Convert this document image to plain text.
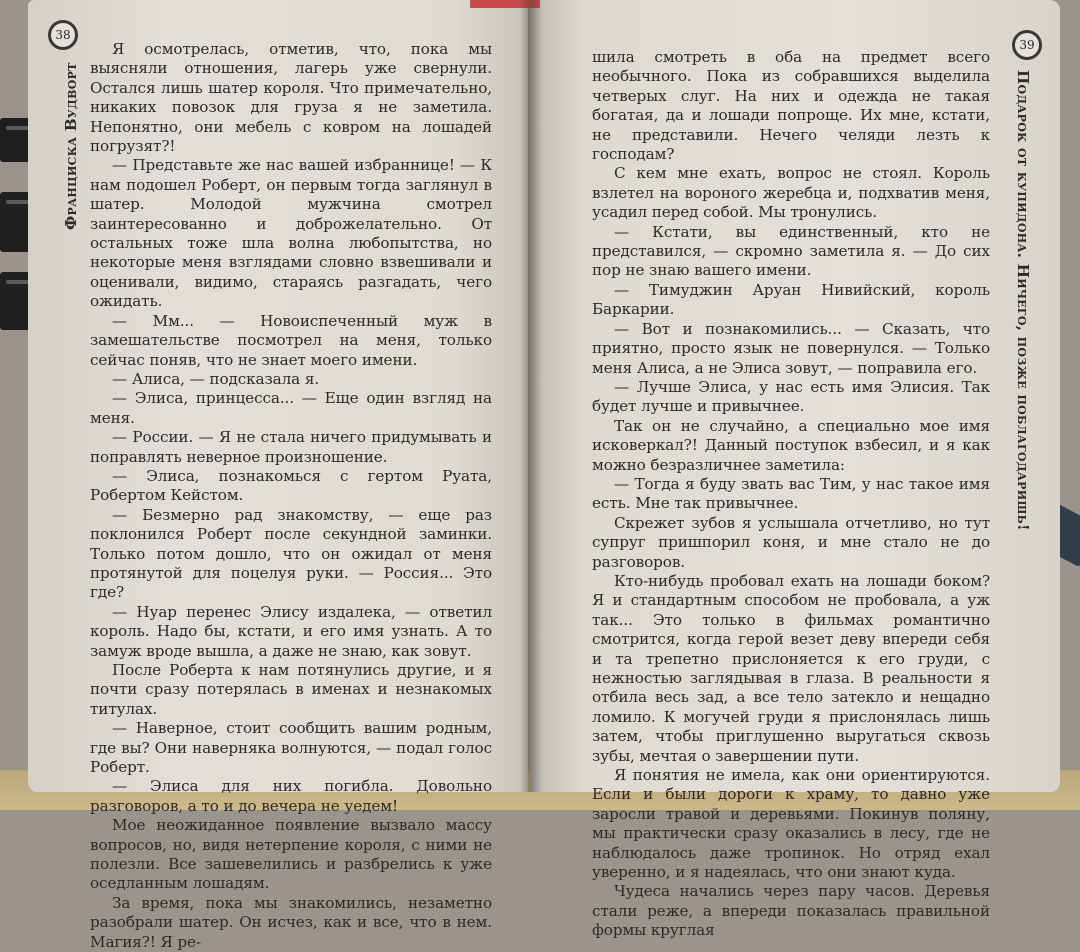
38
Франциска Вудворт

Я осмотрелась, отметив, что, пока мы выясняли отношения, лагерь уже свернули. Остался лишь шатер короля. Что примечательно, никаких повозок для груза я не заметила. Непонятно, они мебель с ковром на лошадей погрузят?!

— Представьте же нас вашей избраннице! — К нам подошел Роберт, он первым тогда заглянул в шатер. Молодой мужчина смотрел заинтересованно и доброжелательно. От остальных тоже шла волна любопытства, но некоторые меня взглядами словно взвешивали и оценивали, видимо, стараясь разгадать, чего ожидать.

— Мм... — Новоиспеченный муж в замешательстве посмотрел на меня, только сейчас поняв, что не знает моего имени.

— Алиса, — подсказала я.

— Элиса, принцесса... — Еще один взгляд на меня.

— России. — Я не стала ничего придумывать и поправлять неверное произношение.

— Элиса, познакомься с гертом Руата, Робертом Кейстом.

— Безмерно рад знакомству, — еще раз поклонился Роберт после секундной заминки. Только потом дошло, что он ожидал от меня протянутой для поцелуя руки. — Россия... Это где?

— Нуар перенес Элису издалека, — ответил король. Надо бы, кстати, и его имя узнать. А то замуж вроде вышла, а даже не знаю, как зовут.

После Роберта к нам потянулись другие, и я почти сразу потерялась в именах и незнакомых титулах.

— Наверное, стоит сообщить вашим родным, где вы? Они наверняка волнуются, — подал голос Роберт.

— Элиса для них погибла. Довольно разговоров, а то и до вечера не уедем!

Мое неожиданное появление вызвало массу вопросов, но, видя нетерпение короля, с ними не полезли. Все зашевелились и разбрелись к уже оседланным лошадям.

За время, пока мы знакомились, незаметно разобрали шатер. Он исчез, как и все, что в нем. Магия?! Я ре-

39
Подарок от купидона. Ничего, позже поблагодаришь!

шила смотреть в оба на предмет всего необычного. Пока из собравшихся выделила четверых слуг. На них и одежда не такая богатая, да и лошади попроще. Их мне, кстати, не представили. Нечего челяди лезть к господам?

С кем мне ехать, вопрос не стоял. Король взлетел на вороного жеребца и, подхватив меня, усадил перед собой. Мы тронулись.

— Кстати, вы единственный, кто не представился, — скромно заметила я. — До сих пор не знаю вашего имени.

— Тимуджин Аруан Нивийский, король Баркарии.

— Вот и познакомились... — Сказать, что приятно, просто язык не повернулся. — Только меня Алиса, а не Элиса зовут, — поправила его.

— Лучше Элиса, у нас есть имя Элисия. Так будет лучше и привычнее.

Так он не случайно, а специально мое имя исковеркал?! Данный поступок взбесил, и я как можно безразличнее заметила:

— Тогда я буду звать вас Тим, у нас такое имя есть. Мне так привычнее.

Скрежет зубов я услышала отчетливо, но тут супруг пришпорил коня, и мне стало не до разговоров.

Кто-нибудь пробовал ехать на лошади боком? Я и стандартным способом не пробовала, а уж так... Это только в фильмах романтично смотрится, когда герой везет деву впереди себя и та трепетно прислоняется к его груди, с нежностью заглядывая в глаза. В реальности я отбила весь зад, а все тело затекло и нещадно ломило. К могучей груди я прислонялась лишь затем, чтобы приглушенно выругаться сквозь зубы, мечтая о завершении пути.

Я понятия не имела, как они ориентируются. Если и были дороги к храму, то давно уже заросли травой и деревьями. Покинув поляну, мы практически сразу оказались в лесу, где не наблюдалось даже тропинок. Но отряд ехал уверенно, и я надеялась, что они знают куда.

Чудеса начались через пару часов. Деревья стали реже, а впереди показалась правильной формы круглая
